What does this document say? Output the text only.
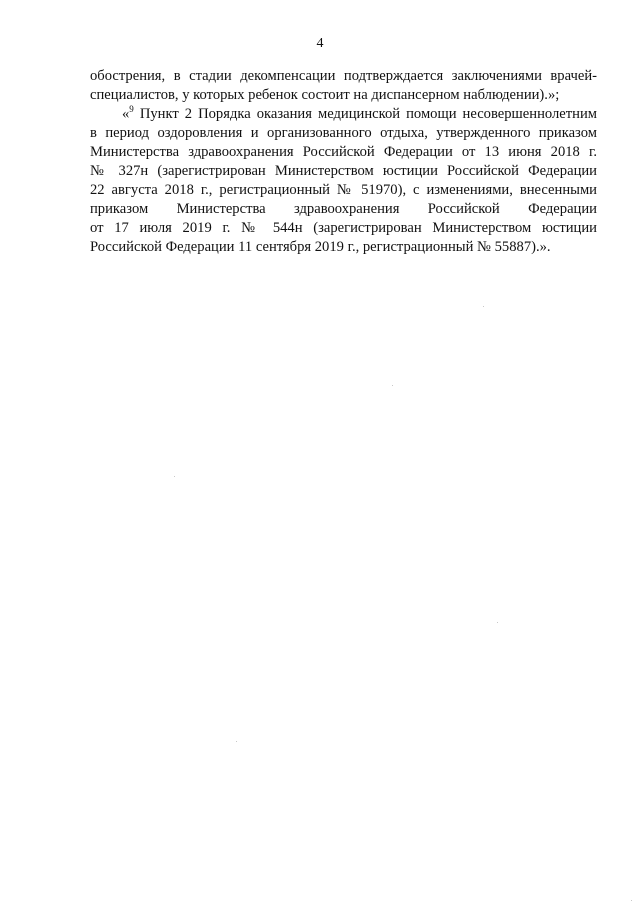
4
обострения, в стадии декомпенсации подтверждается заключениями врачей-
специалистов, у которых ребенок состоит на диспансерном наблюдении).»;
«$^9$ Пункт 2 Порядка оказания медицинской помощи несовершеннолетним
в период оздоровления и организованного отдыха, утвержденного приказом
Министерства здравоохранения Российской Федерации от 13 июня 2018 г.
№ 327н (зарегистрирован Министерством юстиции Российской Федерации
22 августа 2018 г., регистрационный № 51970), с изменениями, внесенными
приказом Министерства здравоохранения Российской Федерации
от 17 июля 2019 г. № 544н (зарегистрирован Министерством юстиции
Российской Федерации 11 сентября 2019 г., регистрационный № 55887).».
